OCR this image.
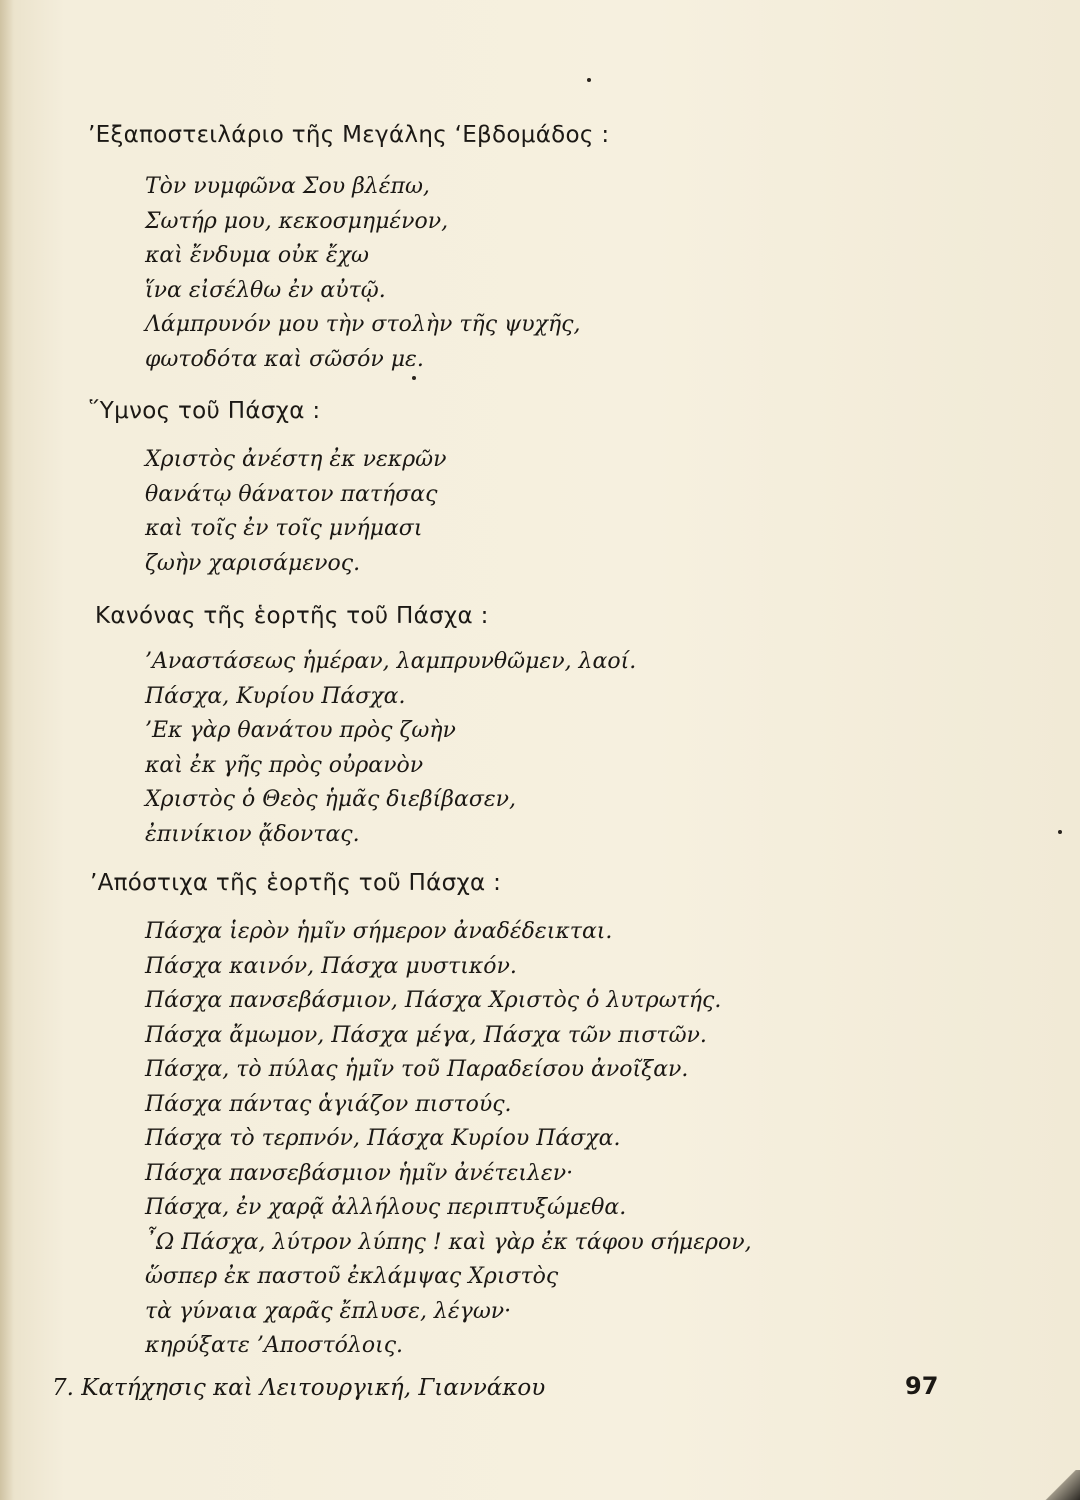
’Εξαποστειλάριο τῆς Μεγάλης ‘Εβδομάδος :
Τὸν νυμφῶνα Σου βλέπω,
Σωτήρ μου, κεκοσμημένον,
καὶ ἔνδυμα οὐκ ἔχω
ἵνα εἰσέλθω ἐν αὐτῷ.
Λάμπρυνόν μου τὴν στολὴν τῆς ψυχῆς,
φωτοδότα καὶ σῶσόν με.
῞Υμνος τοῦ Πάσχα :
Χριστὸς ἀνέστη ἐκ νεκρῶν
θανάτῳ θάνατον πατήσας
καὶ τοῖς ἐν τοῖς μνήμασι
ζωὴν χαρισάμενος.
Κανόνας τῆς ἑορτῆς τοῦ Πάσχα :
’Αναστάσεως ἡμέραν, λαμπρυνθῶμεν, λαοί.
Πάσχα, Κυρίου Πάσχα.
’Εκ γὰρ θανάτου πρὸς ζωὴν
καὶ ἐκ γῆς πρὸς οὐρανὸν
Χριστὸς ὁ Θεὸς ἡμᾶς διεβίβασεν,
ἐπινίκιον ᾄδοντας.
’Απόστιχα τῆς ἑορτῆς τοῦ Πάσχα :
Πάσχα ἱερὸν ἡμῖν σήμερον ἀναδέδεικται.
Πάσχα καινόν, Πάσχα μυστικόν.
Πάσχα πανσεβάσμιον, Πάσχα Χριστὸς ὁ λυτρωτής.
Πάσχα ἄμωμον, Πάσχα μέγα, Πάσχα τῶν πιστῶν.
Πάσχα, τὸ πύλας ἡμῖν τοῦ Παραδείσου ἀνοῖξαν.
Πάσχα πάντας ἁγιάζον πιστούς.
Πάσχα τὸ τερπνόν, Πάσχα Κυρίου Πάσχα.
Πάσχα πανσεβάσμιον ἡμῖν ἀνέτειλεν·
Πάσχα, ἐν χαρᾷ ἀλλήλους περιπτυξώμεθα.
῏Ω Πάσχα, λύτρον λύπης ! καὶ γὰρ ἐκ τάφου σήμερον,
ὥσπερ ἐκ παστοῦ ἐκλάμψας Χριστὸς
τὰ γύναια χαρᾶς ἔπλυσε, λέγων·
κηρύξατε ’Αποστόλοις.
7. Κατήχησις καὶ Λειτουργική, Γιαννάκου	97
